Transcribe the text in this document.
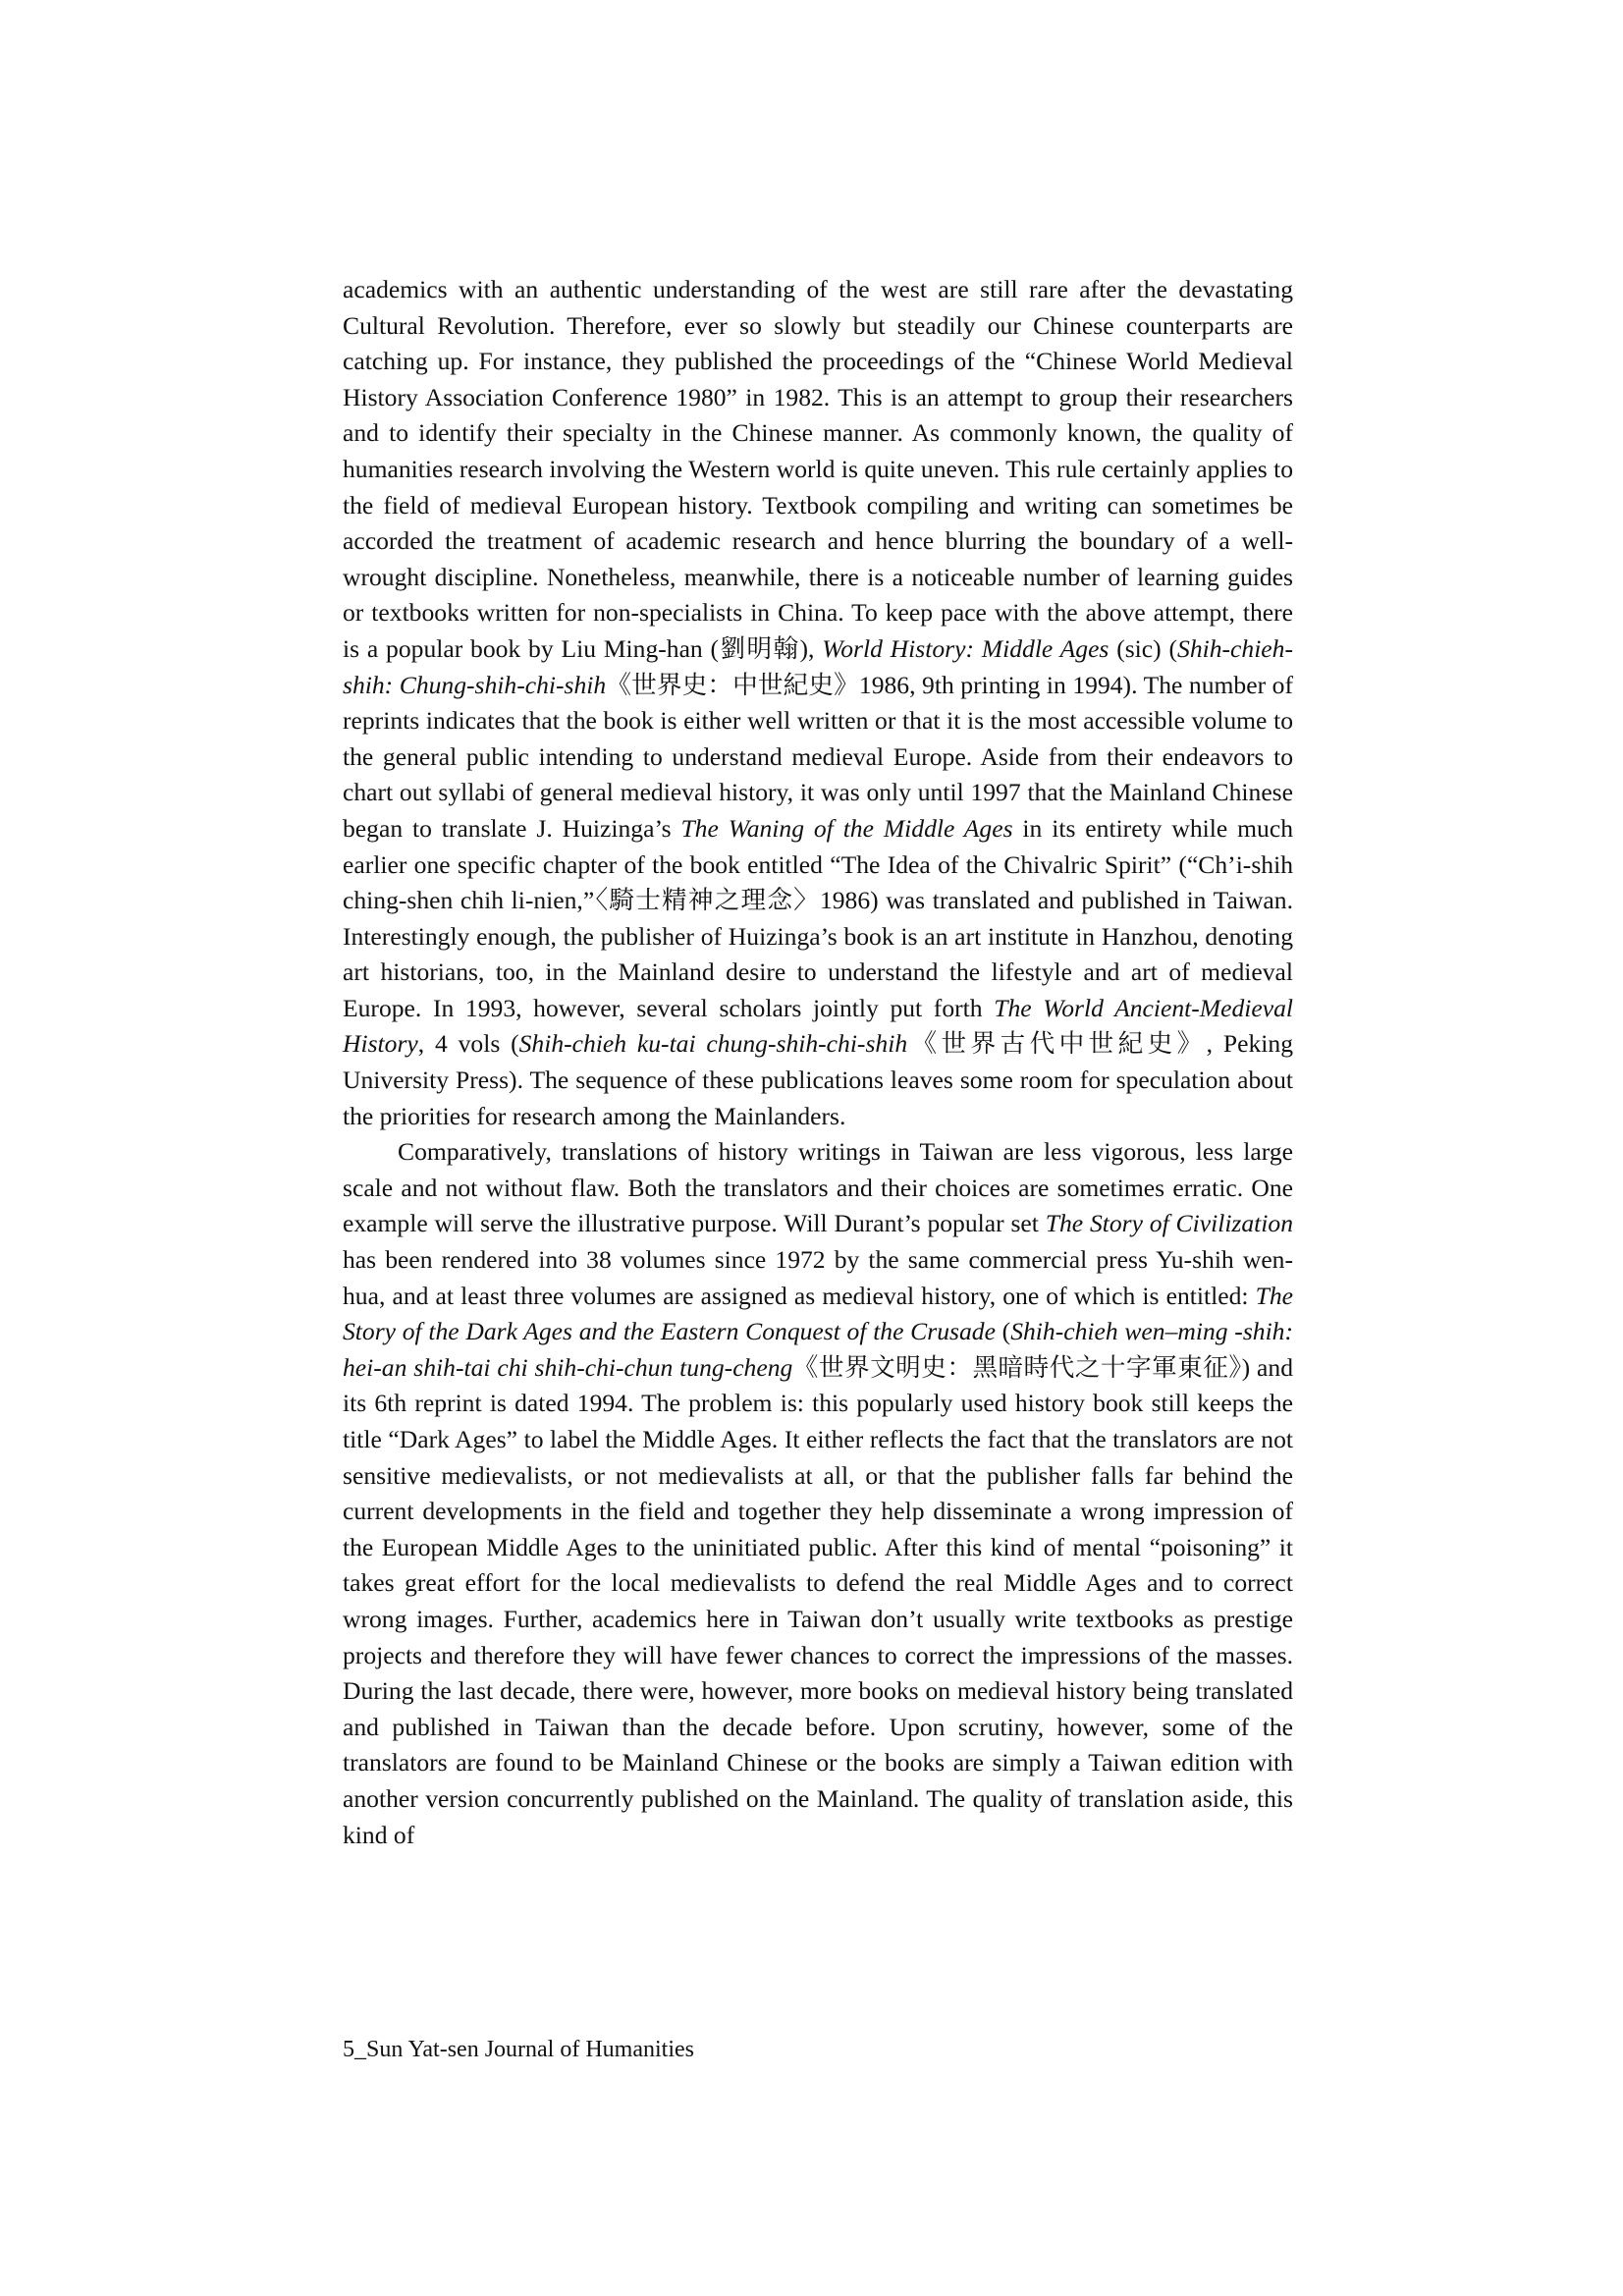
academics with an authentic understanding of the west are still rare after the devastating Cultural Revolution. Therefore, ever so slowly but steadily our Chinese counterparts are catching up. For instance, they published the proceedings of the “Chinese World Medieval History Association Conference 1980” in 1982. This is an attempt to group their researchers and to identify their specialty in the Chinese manner. As commonly known, the quality of humanities research involving the Western world is quite uneven. This rule certainly applies to the field of medieval European history. Textbook compiling and writing can sometimes be accorded the treatment of academic research and hence blurring the boundary of a well-wrought discipline. Nonetheless, meanwhile, there is a noticeable number of learning guides or textbooks written for non-specialists in China. To keep pace with the above attempt, there is a popular book by Liu Ming-han (劉明翰), World History: Middle Ages (sic) (Shih-chieh-shih: Chung-shih-chi-shih《世界史：中世紀史》1986, 9th printing in 1994). The number of reprints indicates that the book is either well written or that it is the most accessible volume to the general public intending to understand medieval Europe. Aside from their endeavors to chart out syllabi of general medieval history, it was only until 1997 that the Mainland Chinese began to translate J. Huizinga’s The Waning of the Middle Ages in its entirety while much earlier one specific chapter of the book entitled “The Idea of the Chivalric Spirit” (“Ch’i-shih ching-shen chih li-nien,”〈騎士精神之理念〉1986) was translated and published in Taiwan. Interestingly enough, the publisher of Huizinga’s book is an art institute in Hanzhou, denoting art historians, too, in the Mainland desire to understand the lifestyle and art of medieval Europe. In 1993, however, several scholars jointly put forth The World Ancient-Medieval History, 4 vols (Shih-chieh ku-tai chung-shih-chi-shih《世界古代中世紀史》, Peking University Press). The sequence of these publications leaves some room for speculation about the priorities for research among the Mainlanders.

Comparatively, translations of history writings in Taiwan are less vigorous, less large scale and not without flaw. Both the translators and their choices are sometimes erratic. One example will serve the illustrative purpose. Will Durant’s popular set The Story of Civilization has been rendered into 38 volumes since 1972 by the same commercial press Yu-shih wen-hua, and at least three volumes are assigned as medieval history, one of which is entitled: The Story of the Dark Ages and the Eastern Conquest of the Crusade (Shih-chieh wen–ming -shih: hei-an shih-tai chi shih-chi-chun tung-cheng《世界文明史：黑暗時代之十字軍東征》) and its 6th reprint is dated 1994. The problem is: this popularly used history book still keeps the title “Dark Ages” to label the Middle Ages. It either reflects the fact that the translators are not sensitive medievalists, or not medievalists at all, or that the publisher falls far behind the current developments in the field and together they help disseminate a wrong impression of the European Middle Ages to the uninitiated public. After this kind of mental “poisoning” it takes great effort for the local medievalists to defend the real Middle Ages and to correct wrong images. Further, academics here in Taiwan don’t usually write textbooks as prestige projects and therefore they will have fewer chances to correct the impressions of the masses. During the last decade, there were, however, more books on medieval history being translated and published in Taiwan than the decade before. Upon scrutiny, however, some of the translators are found to be Mainland Chinese or the books are simply a Taiwan edition with another version concurrently published on the Mainland. The quality of translation aside, this kind of

5_Sun Yat-sen Journal of Humanities
